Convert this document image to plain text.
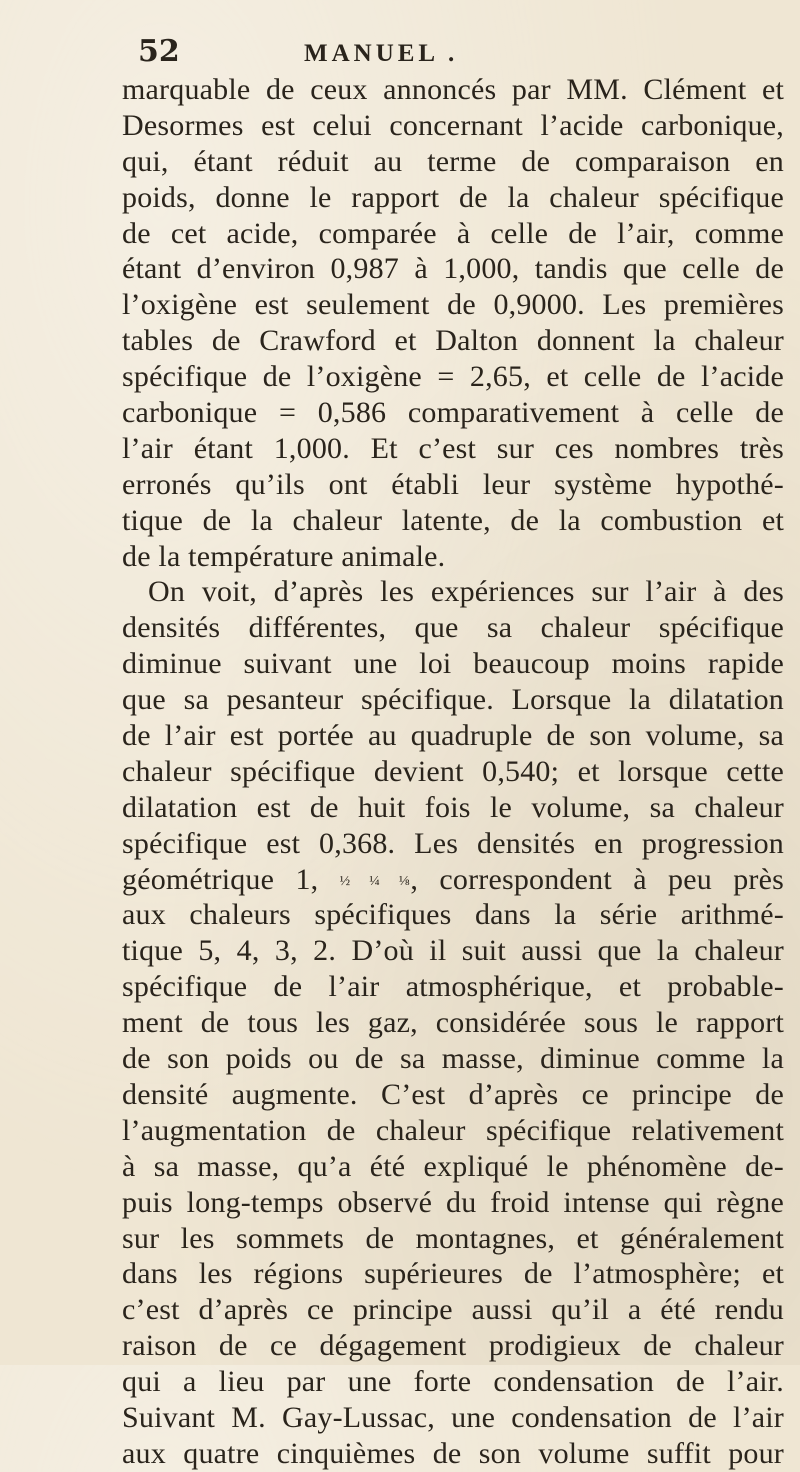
52	MANUEL .
marquable de ceux annoncés par MM. Clément et
Desormes est celui concernant l’acide carbonique,
qui, étant réduit au terme de comparaison en
poids, donne le rapport de la chaleur spécifique
de cet acide, comparée à celle de l’air, comme
étant d’environ 0,987 à 1,000, tandis que celle de
l’oxigène est seulement de 0,9000. Les premières
tables de Crawford et Dalton donnent la chaleur
spécifique de l’oxigène = 2,65, et celle de l’acide
carbonique = 0,586 comparativement à celle de
l’air étant 1,000. Et c’est sur ces nombres très
erronés qu’ils ont établi leur système hypothé-
tique de la chaleur latente, de la combustion et
de la température animale.
On voit, d’après les expériences sur l’air à des
densités différentes, que sa chaleur spécifique
diminue suivant une loi beaucoup moins rapide
que sa pesanteur spécifique. Lorsque la dilatation
de l’air est portée au quadruple de son volume, sa
chaleur spécifique devient 0,540; et lorsque cette
dilatation est de huit fois le volume, sa chaleur
spécifique est 0,368. Les densités en progression
géométrique 1, ½ ¼ ⅛, correspondent à peu près
aux chaleurs spécifiques dans la série arithmé-
tique 5, 4, 3, 2. D’où il suit aussi que la chaleur
spécifique de l’air atmosphérique, et probable-
ment de tous les gaz, considérée sous le rapport
de son poids ou de sa masse, diminue comme la
densité augmente. C’est d’après ce principe de
l’augmentation de chaleur spécifique relativement
à sa masse, qu’a été expliqué le phénomène de-
puis long-temps observé du froid intense qui règne
sur les sommets de montagnes, et généralement
dans les régions supérieures de l’atmosphère; et
c’est d’après ce principe aussi qu’il a été rendu
raison de ce dégagement prodigieux de chaleur
qui a lieu par une forte condensation de l’air.
Suivant M. Gay-Lussac, une condensation de l’air
aux quatre cinquièmes de son volume suffit pour
